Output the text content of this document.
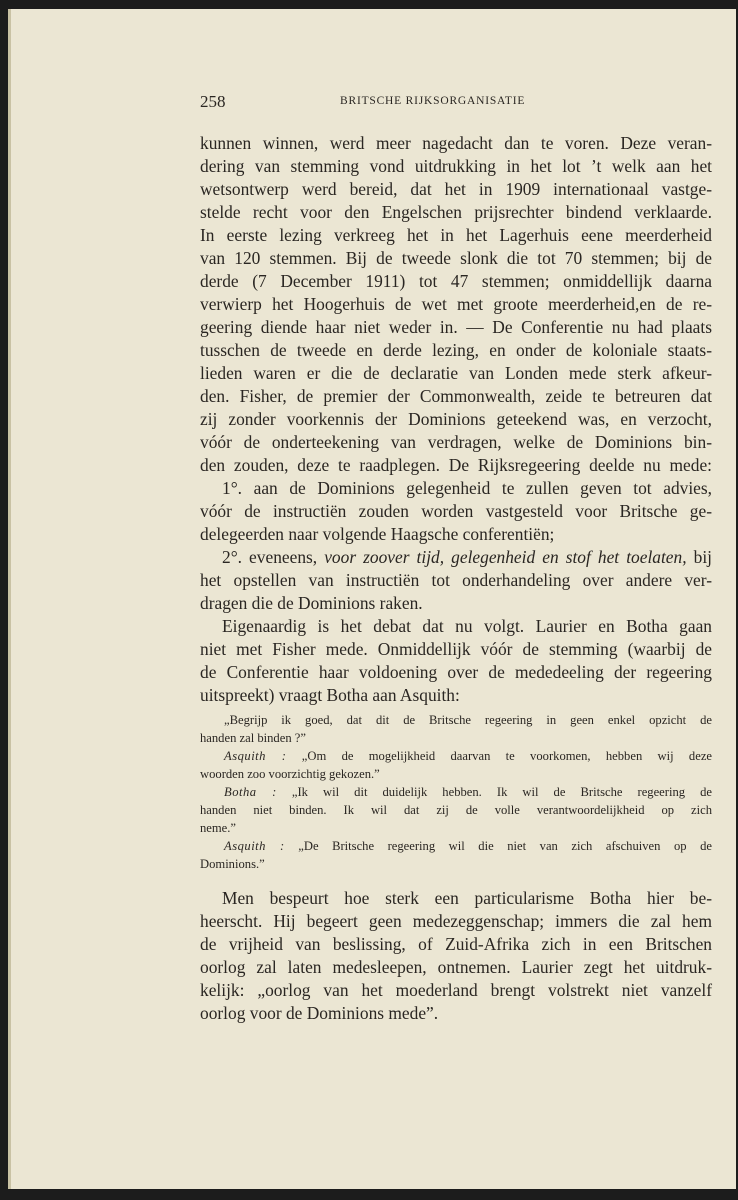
258	BRITSCHE RIJKSORGANISATIE
kunnen winnen, werd meer nagedacht dan te voren. Deze veran-
dering van stemming vond uitdrukking in het lot ’t welk aan het
wetsontwerp werd bereid, dat het in 1909 internationaal vastge-
stelde recht voor den Engelschen prijsrechter bindend verklaarde.
In eerste lezing verkreeg het in het Lagerhuis eene meerderheid
van 120 stemmen. Bij de tweede slonk die tot 70 stemmen; bij de
derde (7 December 1911) tot 47 stemmen; onmiddellijk daarna
verwierp het Hoogerhuis de wet met groote meerderheid,en de re-
geering diende haar niet weder in. — De Conferentie nu had plaats
tusschen de tweede en derde lezing, en onder de koloniale staats-
lieden waren er die de declaratie van Londen mede sterk afkeur-
den. Fisher, de premier der Commonwealth, zeide te betreuren dat
zij zonder voorkennis der Dominions geteekend was, en verzocht,
vóór de onderteekening van verdragen, welke de Dominions bin-
den zouden, deze te raadplegen. De Rijksregeering deelde nu mede:
1°. aan de Dominions gelegenheid te zullen geven tot advies,
vóór de instructiën zouden worden vastgesteld voor Britsche ge-
delegeerden naar volgende Haagsche conferentiën;
2°. eveneens, voor zoover tijd, gelegenheid en stof het toelaten, bij
het opstellen van instructiën tot onderhandeling over andere ver-
dragen die de Dominions raken.
Eigenaardig is het debat dat nu volgt. Laurier en Botha gaan
niet met Fisher mede. Onmiddellijk vóór de stemming (waarbij de
de Conferentie haar voldoening over de mededeeling der regeering
uitspreekt) vraagt Botha aan Asquith:
„Begrijp ik goed, dat dit de Britsche regeering in geen enkel opzicht de
handen zal binden ?”
Asquith : „Om de mogelijkheid daarvan te voorkomen, hebben wij deze
woorden zoo voorzichtig gekozen.”
Botha : „Ik wil dit duidelijk hebben. Ik wil de Britsche regeering de
handen niet binden. Ik wil dat zij de volle verantwoordelijkheid op zich
neme.”
Asquith : „De Britsche regeering wil die niet van zich afschuiven op de
Dominions.”
Men bespeurt hoe sterk een particularisme Botha hier be-
heerscht. Hij begeert geen medezeggenschap; immers die zal hem
de vrijheid van beslissing, of Zuid-Afrika zich in een Britschen
oorlog zal laten medesleepen, ontnemen. Laurier zegt het uitdruk-
kelijk: „oorlog van het moederland brengt volstrekt niet vanzelf
oorlog voor de Dominions mede”.
